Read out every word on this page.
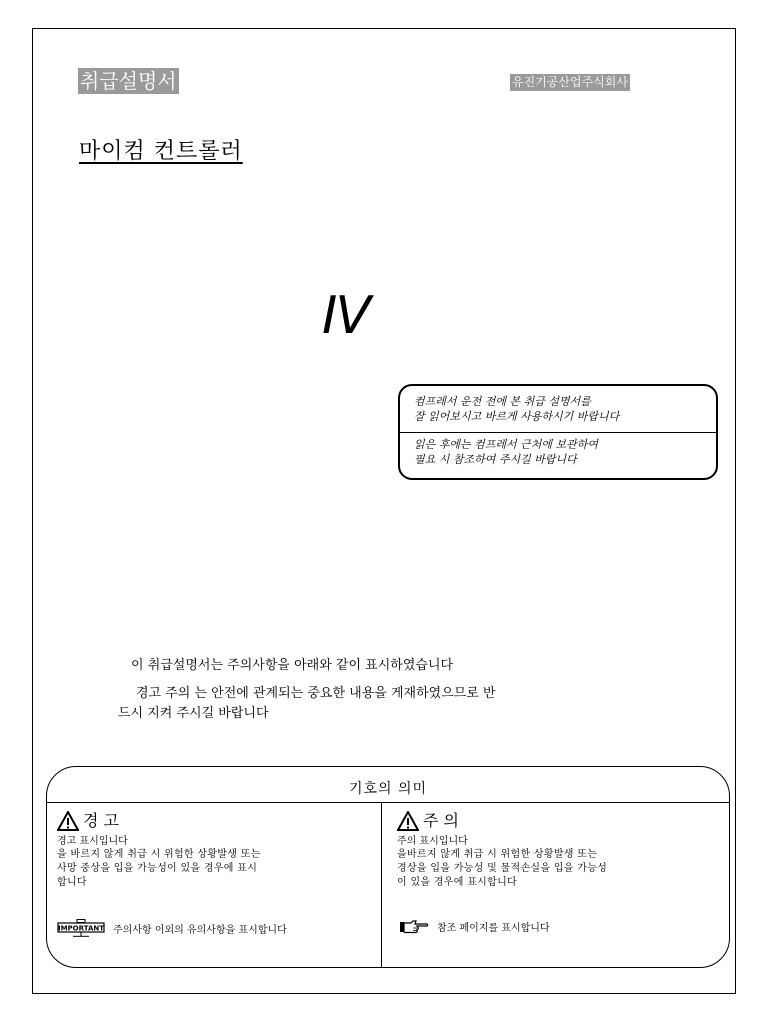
취급설명서	유진기공산업주식회사
마이컴 컨트롤러
IV
컴프레서 운전 전에 본 취급 설명서를
잘 읽어보시고 바르게 사용하시기 바랍니다
읽은 후에는 컴프레서 근처에 보관하여
필요 시 참조하여 주시길 바랍니다
이 취급설명서는 주의사항을 아래와 같이 표시하였습니다
경고 주의 는 안전에 관계되는 중요한 내용을 게재하였으므로 반
드시 지켜 주시길 바랍니다
기호의 의미
경 고
경고 표시입니다
을 바르지 않게 취급 시 위험한 상황발생 또는
사망 중상을 입을 가능성이 있을 경우에 표시
합니다
IMPORTANT 주의사항 이외의 유의사항을 표시합니다
주 의
주의 표시입니다
을바르지 않게 취급 시 위험한 상황발생 또는
경상을 입을 가능성 및 물적손실을 입을 가능성
이 있을 경우에 표시합니다
참조 페이지를 표시합니다
